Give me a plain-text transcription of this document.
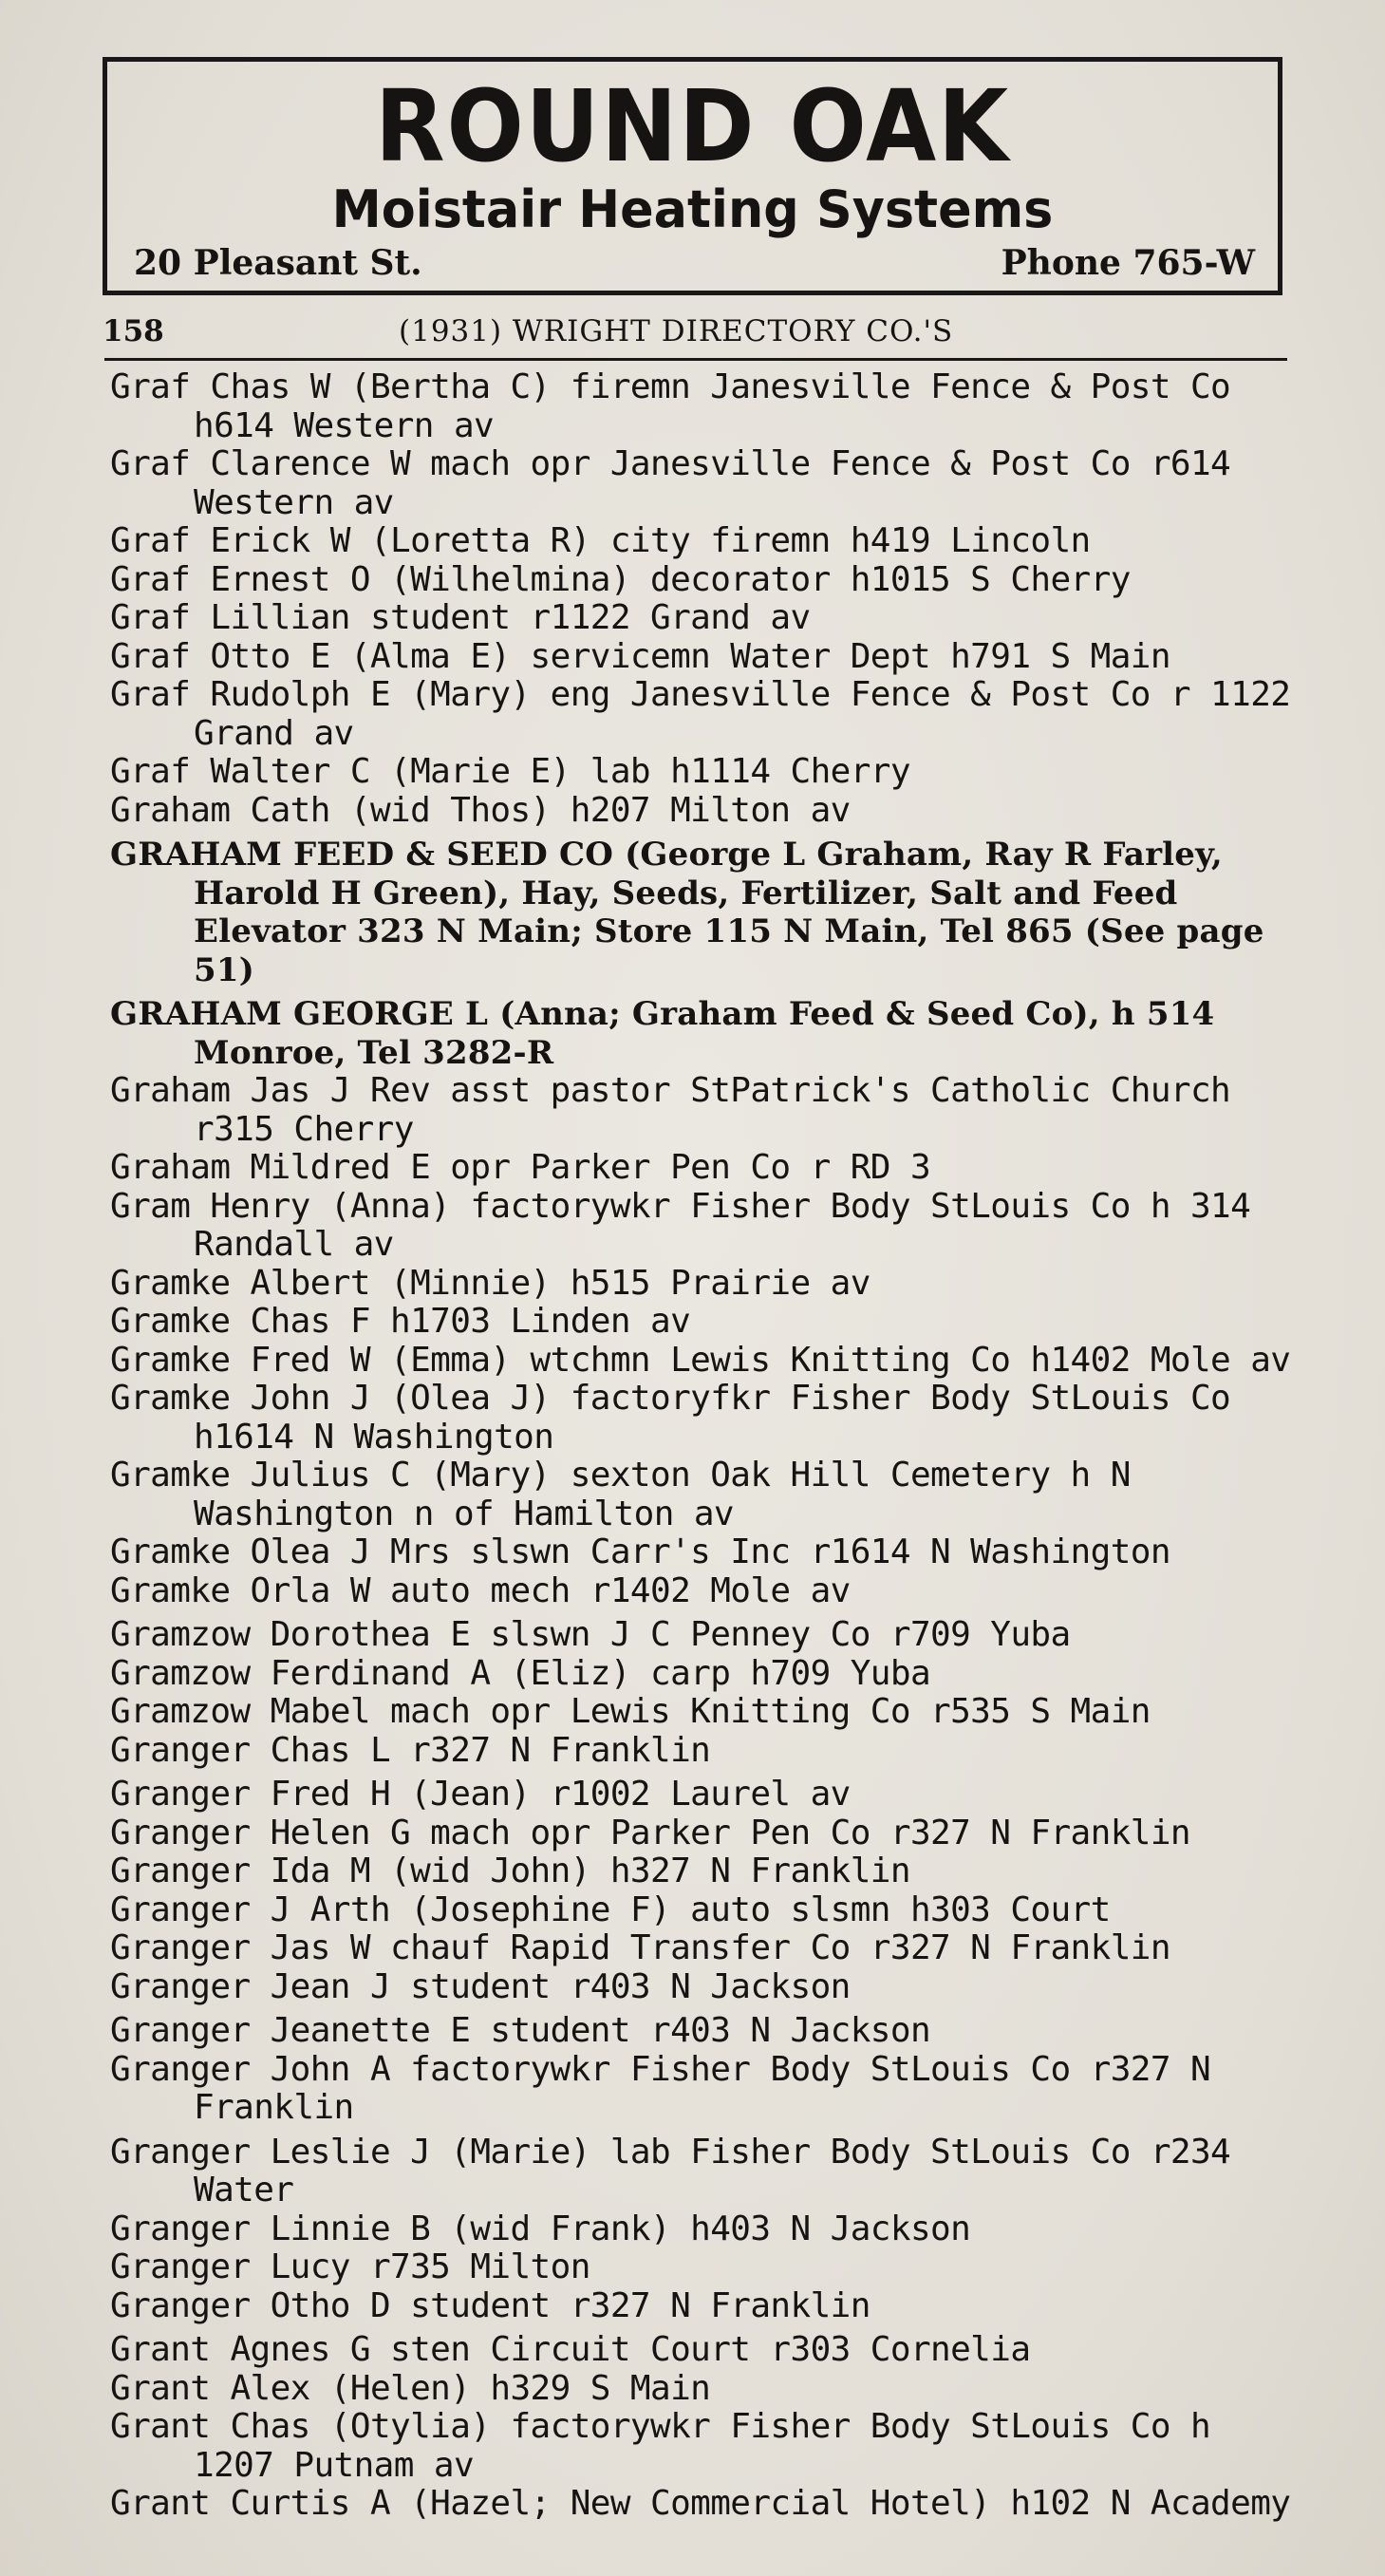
ROUND OAK
Moistair Heating Systems
20 Pleasant St.	Phone 765-W
158	(1931) WRIGHT DIRECTORY CO.'S

Graf Chas W (Bertha C) firemn Janesville Fence & Post Co h614 Western av

Graf Clarence W mach opr Janesville Fence & Post Co r614 Western av

Graf Erick W (Loretta R) city firemn h419 Lincoln

Graf Ernest O (Wilhelmina) decorator h1015 S Cherry

Graf Lillian student r1122 Grand av

Graf Otto E (Alma E) servicemn Water Dept h791 S Main

Graf Rudolph E (Mary) eng Janesville Fence & Post Co r 1122 Grand av

Graf Walter C (Marie E) lab h1114 Cherry

Graham Cath (wid Thos) h207 Milton av

GRAHAM FEED & SEED CO (George L Graham, Ray R Farley, Harold H Green), Hay, Seeds, Fertilizer, Salt and Feed Elevator 323 N Main; Store 115 N Main, Tel 865 (See page 51)

GRAHAM GEORGE L (Anna; Graham Feed & Seed Co), h 514 Monroe, Tel 3282-R

Graham Jas J Rev asst pastor StPatrick's Catholic Church r315 Cherry

Graham Mildred E opr Parker Pen Co r RD 3

Gram Henry (Anna) factorywkr Fisher Body StLouis Co h 314 Randall av

Gramke Albert (Minnie) h515 Prairie av

Gramke Chas F h1703 Linden av

Gramke Fred W (Emma) wtchmn Lewis Knitting Co h1402 Mole av

Gramke John J (Olea J) factoryfkr Fisher Body StLouis Co h1614 N Washington

Gramke Julius C (Mary) sexton Oak Hill Cemetery h N Washington n of Hamilton av

Gramke Olea J Mrs slswn Carr's Inc r1614 N Washington

Gramke Orla W auto mech r1402 Mole av

Gramzow Dorothea E slswn J C Penney Co r709 Yuba

Gramzow Ferdinand A (Eliz) carp h709 Yuba

Gramzow Mabel mach opr Lewis Knitting Co r535 S Main

Granger Chas L r327 N Franklin

Granger Fred H (Jean) r1002 Laurel av

Granger Helen G mach opr Parker Pen Co r327 N Franklin

Granger Ida M (wid John) h327 N Franklin

Granger J Arth (Josephine F) auto slsmn h303 Court

Granger Jas W chauf Rapid Transfer Co r327 N Franklin

Granger Jean J student r403 N Jackson

Granger Jeanette E student r403 N Jackson

Granger John A factorywkr Fisher Body StLouis Co r327 N Franklin

Granger Leslie J (Marie) lab Fisher Body StLouis Co r234 Water

Granger Linnie B (wid Frank) h403 N Jackson

Granger Lucy r735 Milton

Granger Otho D student r327 N Franklin

Grant Agnes G sten Circuit Court r303 Cornelia

Grant Alex (Helen) h329 S Main

Grant Chas (Otylia) factorywkr Fisher Body StLouis Co h 1207 Putnam av

Grant Curtis A (Hazel; New Commercial Hotel) h102 N Academy
